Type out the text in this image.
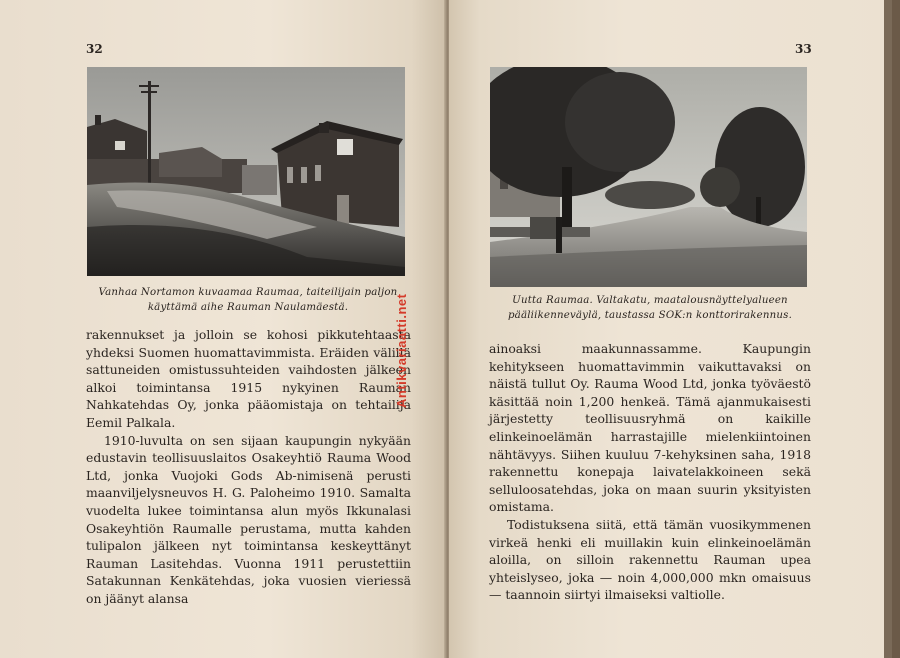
32
Vanhaa Nortamon kuvaamaa Raumaa, taiteilijain paljon käyttämä aihe Rauman Naulamäestä.

rakennukset ja jolloin se kohosi pikkutehtaasta yhdeksi Suomen huomattavimmista. Eräiden välillä sattuneiden omistussuhteiden vaihdosten jälkeen alkoi toimintansa 1915 nykyinen Rauman Nahkatehdas Oy, jonka pääomistaja on tehtailija Eemil Palkala.

1910-luvulta on sen sijaan kaupungin nykyään edustavin teollisuuslaitos Osakeyhtiö Rauma Wood Ltd, jonka Vuojoki Gods Ab-nimisenä perusti maanviljelysneuvos H. G. Paloheimo 1910. Samalta vuodelta lukee toimintansa alun myös Ikkunalasi Osakeyhtiön Raumalle perustama, mutta kahden tulipalon jälkeen nyt toimintansa keskeyttänyt Rauman Lasitehdas. Vuonna 1911 perustettiin Satakunnan Kenkätehdas, joka vuosien vieriessä on jäänyt alansa

33
Uutta Raumaa. Valtakatu, maatalousnäyttelyalueen pääliikenneväylä, taustassa SOK:n konttorirakennus.

ainoaksi maakunnassamme. Kaupungin kehitykseen huomattavimmin vaikuttavaksi on näistä tullut Oy. Rauma Wood Ltd, jonka työväestö käsittää noin 1,200 henkeä. Tämä ajanmukaisesti järjestetty teollisuusryhmä on kaikille elinkeinoelämän harrastajille mielenkiintoinen nähtävyys. Siihen kuuluu 7-kehyksinen saha, 1918 rakennettu konepaja laivatelakkoineen sekä selluloosatehdas, joka on maan suurin yksityisten omistama.

Todistuksena siitä, että tämän vuosikymmenen virkeä henki eli muillakin kuin elinkeinoelämän aloilla, on silloin rakennettu Rauman upea yhteislyseo, joka — noin 4,000,000 mkn omaisuus — taannoin siirtyi ilmaiseksi valtiolle.

Antikvariaatti.net
